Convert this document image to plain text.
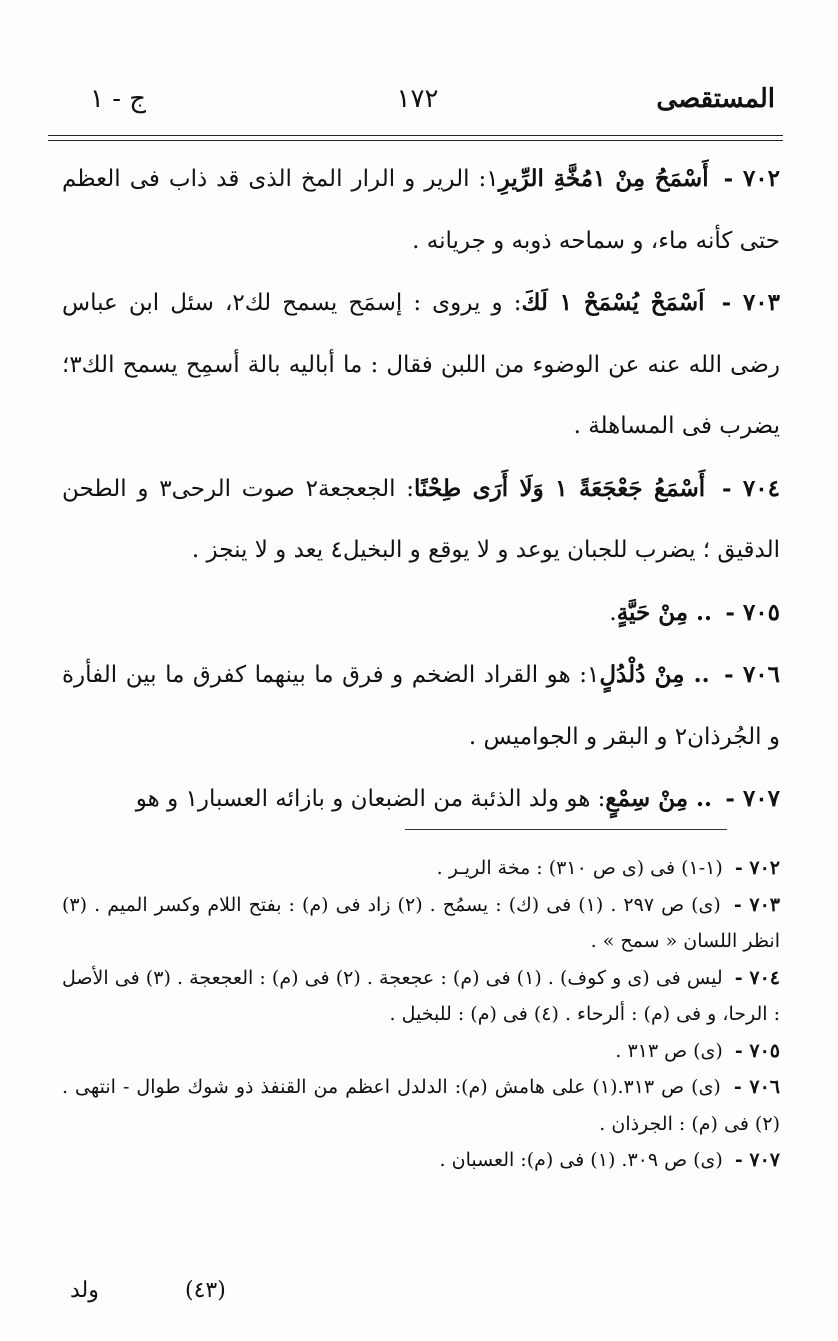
المستقصى
١٧٢
ج - ١

٧٠٢ - أَسْمَحُ مِنْ ١مُخَّةِ الرِّيرِ١: الرير و الرار المخ الذى قد ذاب فى العظم حتى كأنه ماء، و سماحه ذوبه و جريانه .

٧٠٣ - اَسْمَحْ يُسْمَحْ ١ لَكَ: و يروى : إسمَح يسمح لك٢، سئل ابن عباس رضى الله عنه عن الوضوء من اللبن فقال : ما أباليه بالة أسمِح يسمح الك٣؛ يضرب فى المساهلة .

٧٠٤ - أَسْمَعُ جَعْجَعَةً ١ وَلَا أَرَى طِحْنًا: الجعجعة٢ صوت الرحى٣ و الطحن الدقيق ؛ يضرب للجبان يوعد و لا يوقع و البخيل٤ يعد و لا ينجز .

٧٠٥ - .. مِنْ حَيَّةٍ.

٧٠٦ - .. مِنْ دُلْدُلٍ١: هو القراد الضخم و فرق ما بينهما كفرق ما بين الفأرة و الجُرذان٢ و البقر و الجواميس .

٧٠٧ - .. مِنْ سِمْعٍ: هو ولد الذئبة من الضبعان و بازائه العسبار١ و هو

٧٠٢ - (١-١) فى (ى ص ٣١٠) : مخة الريـر .

٧٠٣ - (ى) ص ٢٩٧ . (١) فى (ك) : يسمُح . (٢) زاد فى (م) : بفتح اللام وكسر الميم . (٣) انظر اللسان « سمح » .

٧٠٤ - ليس فى (ى و كوف) . (١) فى (م) : عجعجة . (٢) فى (م) : العجعجة . (٣) فى الأصل : الرحا، و فى (م) : ألرحاء . (٤) فى (م) : للبخيل .

٧٠٥ - (ى) ص ٣١٣ .

٧٠٦ - (ى) ص ٣١٣.(١) على هامش (م): الدلدل اعظم من القنفذ ذو شوك طوال - انتهى .(٢) فى (م) : الجرذان .

٧٠٧ - (ى) ص ٣٠٩. (١) فى (م): العسبان .

ولد	(٤٣)
